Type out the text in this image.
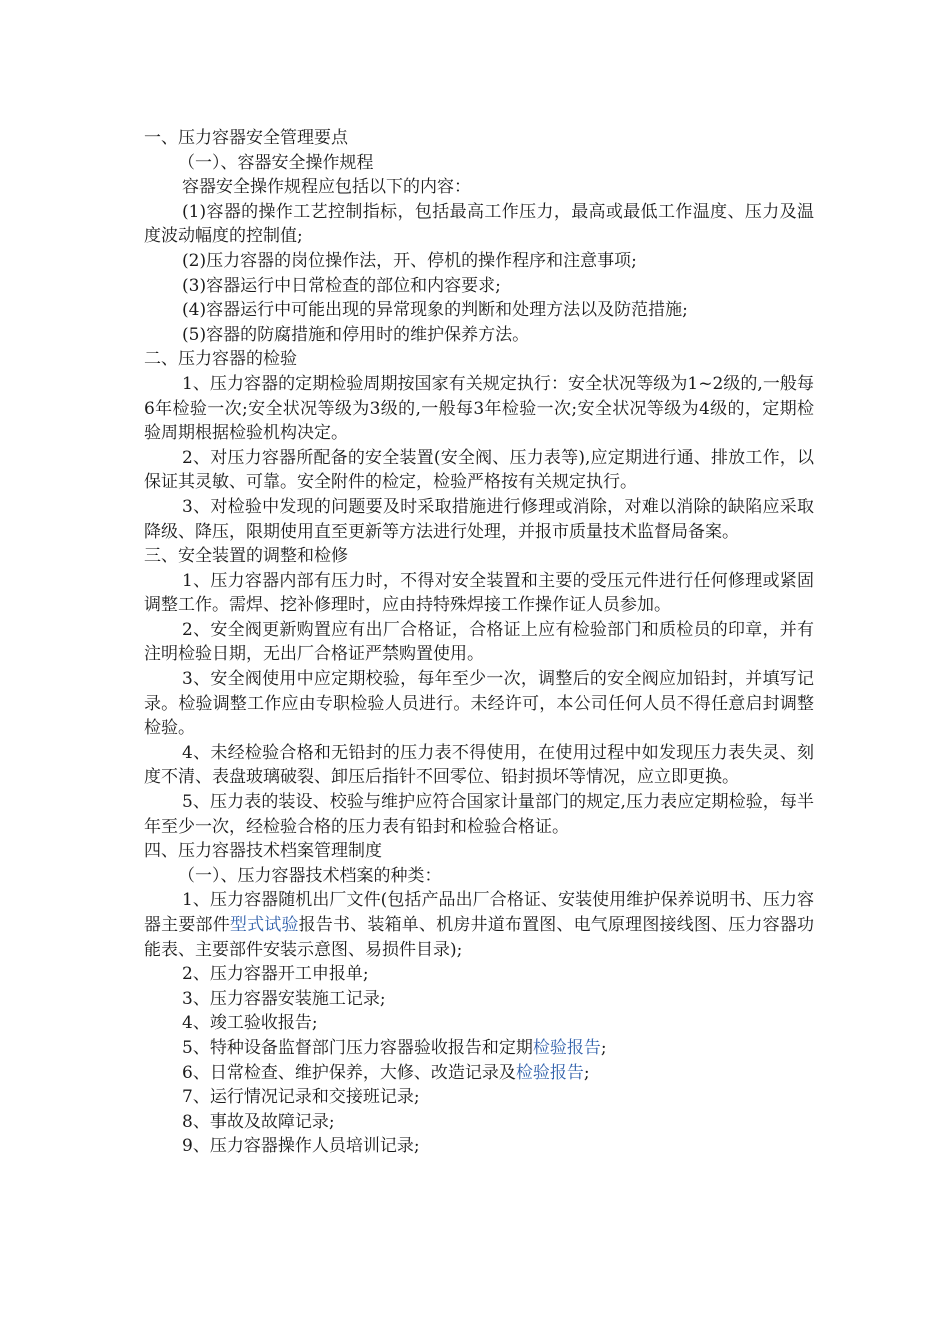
一、压力容器安全管理要点

（一）、容器安全操作规程

容器安全操作规程应包括以下的内容：

(1)容器的操作工艺控制指标，包括最高工作压力，最高或最低工作温度、压力及温度波动幅度的控制值;

(2)压力容器的岗位操作法，开、停机的操作程序和注意事项;

(3)容器运行中日常检查的部位和内容要求;

(4)容器运行中可能出现的异常现象的判断和处理方法以及防范措施;

(5)容器的防腐措施和停用时的维护保养方法。

二、压力容器的检验

1、压力容器的定期检验周期按国家有关规定执行：安全状况等级为1~2级的,一般每6年检验一次;安全状况等级为3级的,一般每3年检验一次;安全状况等级为4级的，定期检验周期根据检验机构决定。

2、对压力容器所配备的安全装置(安全阀、压力表等),应定期进行通、排放工作，以保证其灵敏、可靠。安全附件的检定，检验严格按有关规定执行。

3、对检验中发现的问题要及时采取措施进行修理或消除，对难以消除的缺陷应采取降级、降压，限期使用直至更新等方法进行处理，并报市质量技术监督局备案。

三、安全装置的调整和检修

1、压力容器内部有压力时，不得对安全装置和主要的受压元件进行任何修理或紧固调整工作。需焊、挖补修理时，应由持特殊焊接工作操作证人员参加。

2、安全阀更新购置应有出厂合格证，合格证上应有检验部门和质检员的印章，并有注明检验日期，无出厂合格证严禁购置使用。

3、安全阀使用中应定期校验，每年至少一次，调整后的安全阀应加铅封，并填写记录。检验调整工作应由专职检验人员进行。未经许可，本公司任何人员不得任意启封调整检验。

4、未经检验合格和无铅封的压力表不得使用，在使用过程中如发现压力表失灵、刻度不清、表盘玻璃破裂、卸压后指针不回零位、铅封损坏等情况，应立即更换。

5、压力表的装设、校验与维护应符合国家计量部门的规定,压力表应定期检验，每半年至少一次，经检验合格的压力表有铅封和检验合格证。

四、压力容器技术档案管理制度

（一）、压力容器技术档案的种类：

1、压力容器随机出厂文件(包括产品出厂合格证、安装使用维护保养说明书、压力容器主要部件型式试验报告书、装箱单、机房井道布置图、电气原理图接线图、压力容器功能表、主要部件安装示意图、易损件目录);

2、压力容器开工申报单;

3、压力容器安装施工记录;

4、竣工验收报告;

5、特种设备监督部门压力容器验收报告和定期检验报告;

6、日常检查、维护保养，大修、改造记录及检验报告;

7、运行情况记录和交接班记录;

8、事故及故障记录;

9、压力容器操作人员培训记录;
